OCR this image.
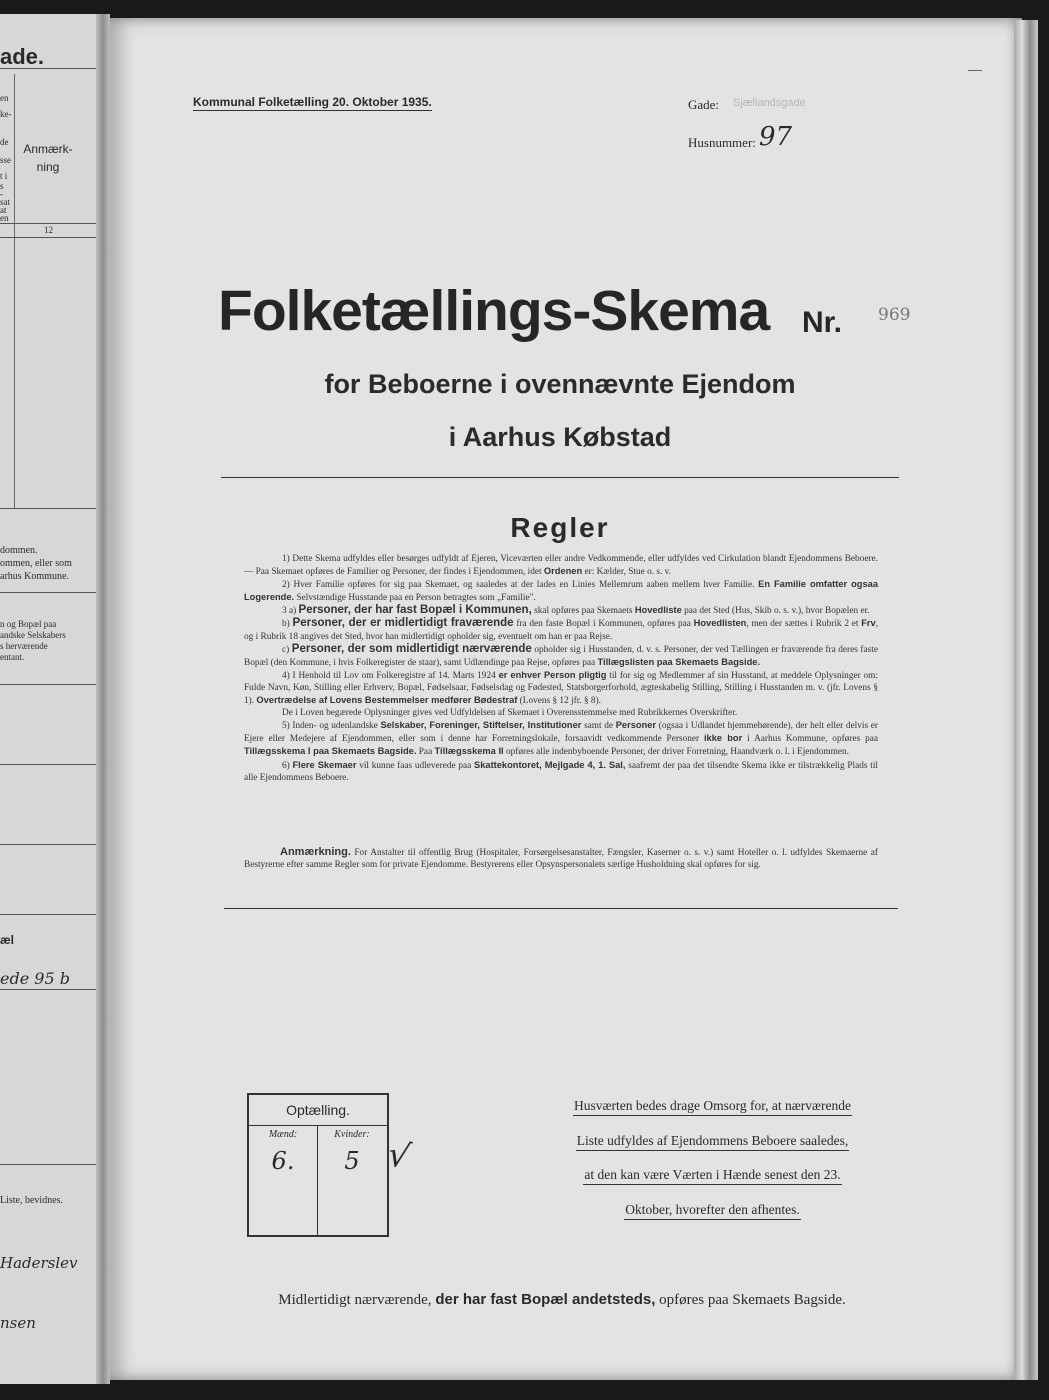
ade.
en
ke-
de
sse
t i
s
-
sat
at
en
Anmærk-
ning
12
dommen.
ommen, eller som
arhus Kommune.
n og Bopæl paa
andske Selskabers
s herværende
entant.
æl
ede 95 b
Liste, bevidnes.
Haderslev
nsen
Kommunal Folketælling 20. Oktober 1935.	Gade: Sjællandsgade
Husnummer: 97
Folketællings-Skema Nr. 969
for Beboerne i ovennævnte Ejendom
i Aarhus Købstad
Regler

1) Dette Skema udfyldes eller besørges udfyldt af Ejeren, Viceværten eller andre Vedkommende, eller udfyldes ved Cirkulation blandt Ejendommens Beboere. — Paa Skemaet opføres de Familier og Personer, der findes i Ejendommen, idet Ordenen er: Kælder, Stue o. s. v.

2) Hver Familie opføres for sig paa Skemaet, og saaledes at der lades en Linies Mellemrum aaben mellem hver Familie. En Familie omfatter ogsaa Logerende. Selvstændige Husstande paa en Person betragtes som „Familie".

3 a) Personer, der har fast Bopæl i Kommunen, skal opføres paa Skemaets Hovedliste paa det Sted (Hus, Skib o. s. v.), hvor Bopælen er.

b) Personer, der er midlertidigt fraværende fra den faste Bopæl i Kommunen, opføres paa Hovedlisten, men der sættes i Rubrik 2 et Frv, og i Rubrik 18 angives det Sted, hvor han midlertidigt opholder sig, eventuelt om han er paa Rejse.

c) Personer, der som midlertidigt nærværende opholder sig i Husstanden, d. v. s. Personer, der ved Tællingen er fraværende fra deres faste Bopæl (den Kommune, i hvis Folkeregister de staar), samt Udlændinge paa Rejse, opføres paa Tillægslisten paa Skemaets Bagside.

4) I Henhold til Lov om Folkeregistre af 14. Marts 1924 er enhver Person pligtig til for sig og Medlemmer af sin Husstand, at meddele Oplysninger om: Fulde Navn, Køn, Stilling eller Erhverv, Bopæl, Fødselsaar, Fødselsdag og Fødested, Statsborgerforhold, ægteskabelig Stilling, Stilling i Husstanden m. v. (jfr. Lovens § 1). Overtrædelse af Lovens Bestemmelser medfører Bødestraf (Lovens § 12 jfr. § 8).

De i Loven begærede Oplysninger gives ved Udfyldelsen af Skemaet i Overensstemmelse med Rubrikkernes Overskrifter.

5) Inden- og udenlandske Selskaber, Foreninger, Stiftelser, Institutioner samt de Personer (ogsaa i Udlandet hjemmehørende), der helt eller delvis er Ejere eller Medejere af Ejendommen, eller som i denne har Forretningslokale, forsaavidt vedkommende Personer ikke bor i Aarhus Kommune, opføres paa Tillægsskema I paa Skemaets Bagside. Paa Tillægsskema II opføres alle indenbyboende Personer, der driver Forretning, Haandværk o. l. i Ejendommen.

6) Flere Skemaer vil kunne faas udleverede paa Skattekontoret, Mejlgade 4, 1. Sal, saafremt der paa det tilsendte Skema ikke er tilstrækkelig Plads til alle Ejendommens Beboere.

Anmærkning. For Anstalter til offentlig Brug (Hospitaler, Forsørgelsesanstalter, Fængsler, Kaserner o. s. v.) samt Hoteller o. l. udfyldes Skemaerne af Bestyrerne efter samme Regler som for private Ejendomme. Bestyrerens eller Opsynspersonalets særlige Husholdning skal opføres for sig.

Optælling.
Mænd:	Kvinder:
6.	5 √
Husværten bedes drage Omsorg for, at nærværende
Liste udfyldes af Ejendommens Beboere saaledes,
at den kan være Værten i Hænde senest den 23.
Oktober, hvorefter den afhentes.
Midlertidigt nærværende, der har fast Bopæl andetsteds, opføres paa Skemaets Bagside.
